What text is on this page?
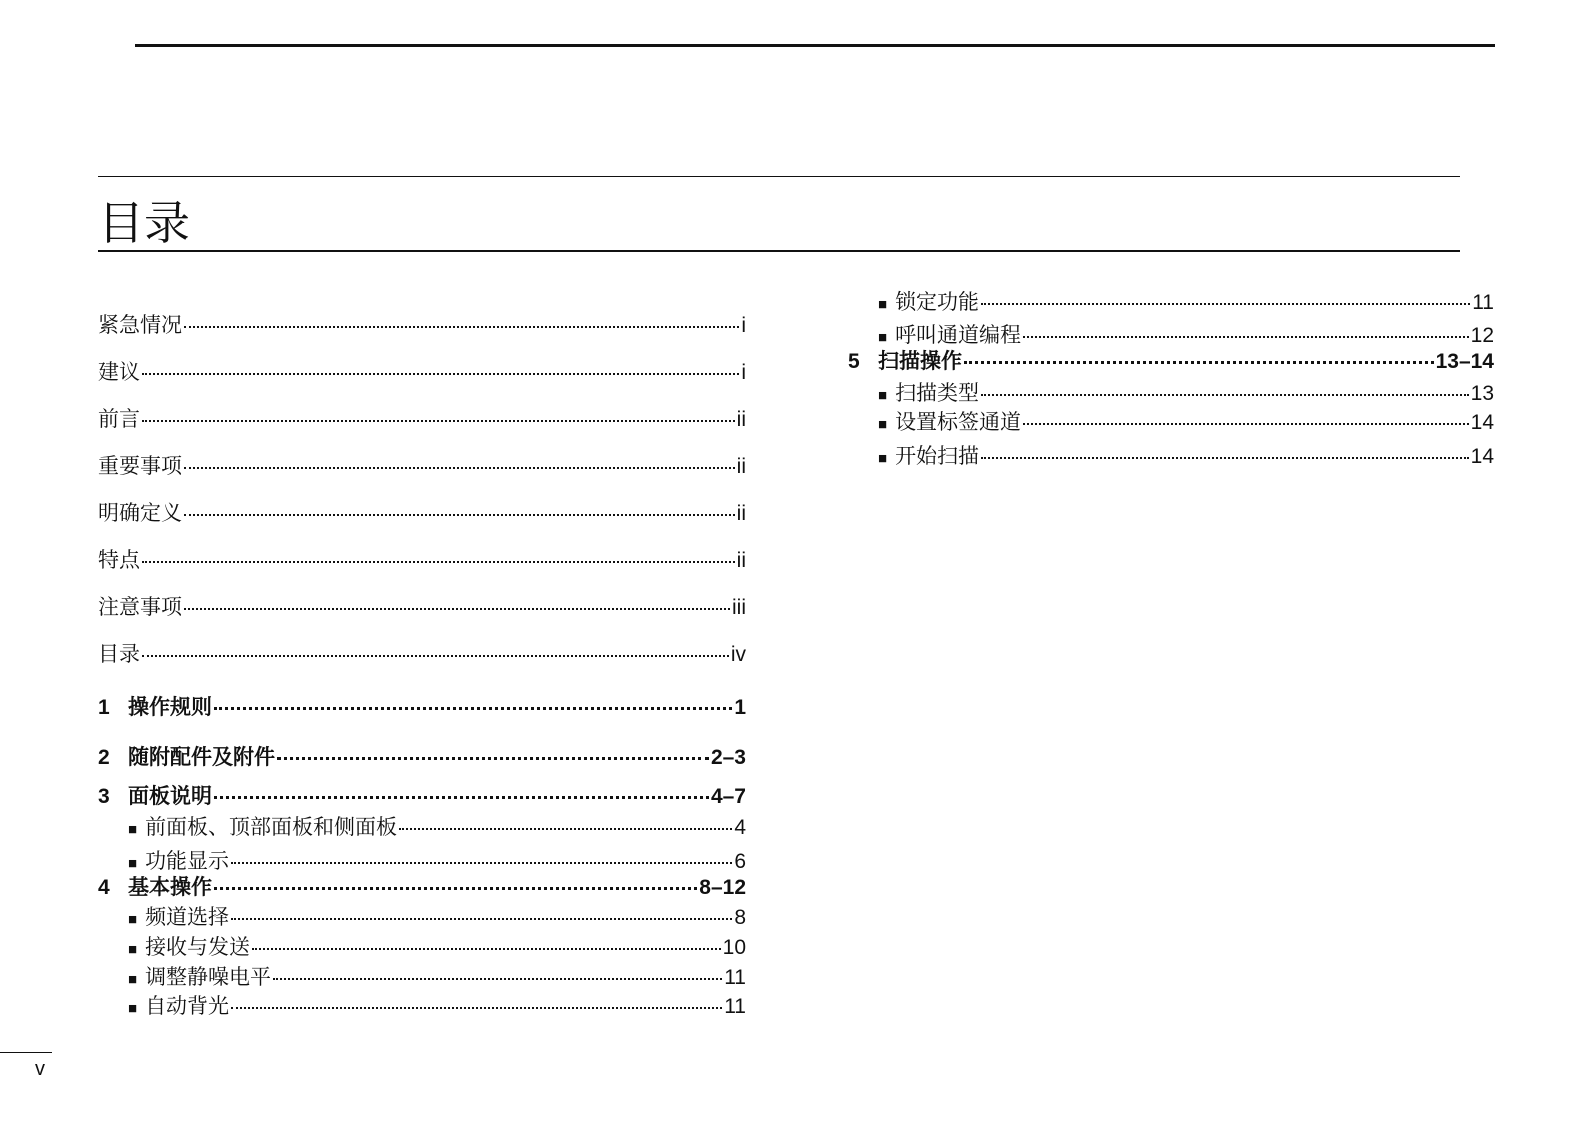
目录
紧急情况	i
建议	i
前言	ii
重要事项	ii
明确定义	ii
特点	ii
注意事项	iii
目录	iv
1 操作规则	1
2 随附配件及附件	2–3
3 面板说明	4–7
■ 前面板、顶部面板和侧面板	4
■ 功能显示	6
4 基本操作	8–12
■ 频道选择	8
■ 接收与发送	10
■ 调整静噪电平	11
■ 自动背光	11
■ 锁定功能	11
■ 呼叫通道编程	12
5 扫描操作	13–14
■ 扫描类型	13
■ 设置标签通道	14
■ 开始扫描	14
v
